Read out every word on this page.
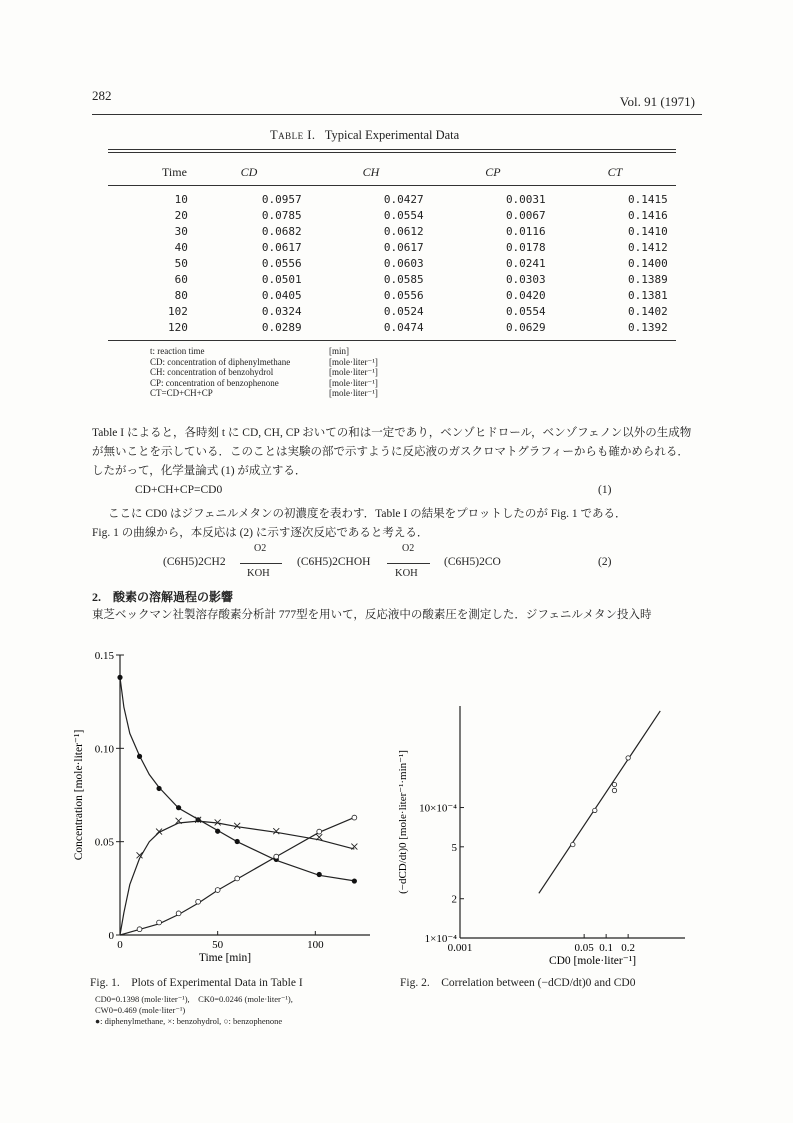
282	Vol. 91 (1971)
Table I. Typical Experimental Data
Time	CD	CH	CP	CT
10	0.0957	0.0427	0.0031	0.1415
20	0.0785	0.0554	0.0067	0.1416
30	0.0682	0.0612	0.0116	0.1410
40	0.0617	0.0617	0.0178	0.1412
50	0.0556	0.0603	0.0241	0.1400
60	0.0501	0.0585	0.0303	0.1389
80	0.0405	0.0556	0.0420	0.1381
102	0.0324	0.0524	0.0554	0.1402
120	0.0289	0.0474	0.0629	0.1392
t: reaction time	[min]
CD: concentration of diphenylmethane	[mole·liter⁻¹]
CH: concentration of benzohydrol	[mole·liter⁻¹]
CP: concentration of benzophenone	[mole·liter⁻¹]
CT=CD+CH+CP	[mole·liter⁻¹]
Table I によると，各時刻 t に CD, CH, CP おいての和は一定であり，ベンゾヒドロール，ベンゾフェノン以外の生成物が無いことを示している．このことは実験の部で示すように反応液のガスクロマトグラフィーからも確かめられる．したがって，化学量論式 (1) が成立する．
CD+CH+CP=CD0	(1)
ここに CD0 はジフェニルメタンの初濃度を表わす．Table I の結果をプロットしたのが Fig. 1 である．
Fig. 1 の曲線から，本反応は (2) に示す逐次反応であると考える．
(C6H5)2CH2
O2
KOH
(C6H5)2CHOH
O2
KOH
(C6H5)2CO	(2)
2.　酸素の溶解過程の影響
東芝ベックマン社製溶存酸素分析計 777型を用いて，反応液中の酸素圧を測定した．ジフェニルメタン投入時
0
0.05
0.10
0.15
0	50	100
Time [min]
Concentration [mole·liter⁻¹]
Fig. 1.　Plots of Experimental Data in Table I
CD0=0.1398 (mole·liter⁻¹),　CK0=0.0246 (mole·liter⁻¹),
CW0=0.469 (mole·liter⁻¹)
●: diphenylmethane, ×: benzohydrol, ○: benzophenone
0.001	0.05 0.1 0.2
1×10⁻⁴
2
5
10×10⁻⁴
CD0 [mole·liter⁻¹]
(−dCD/dt)0 [mole·liter⁻¹·min⁻¹]
Fig. 2.　Correlation between (−dCD/dt)0 and CD0
